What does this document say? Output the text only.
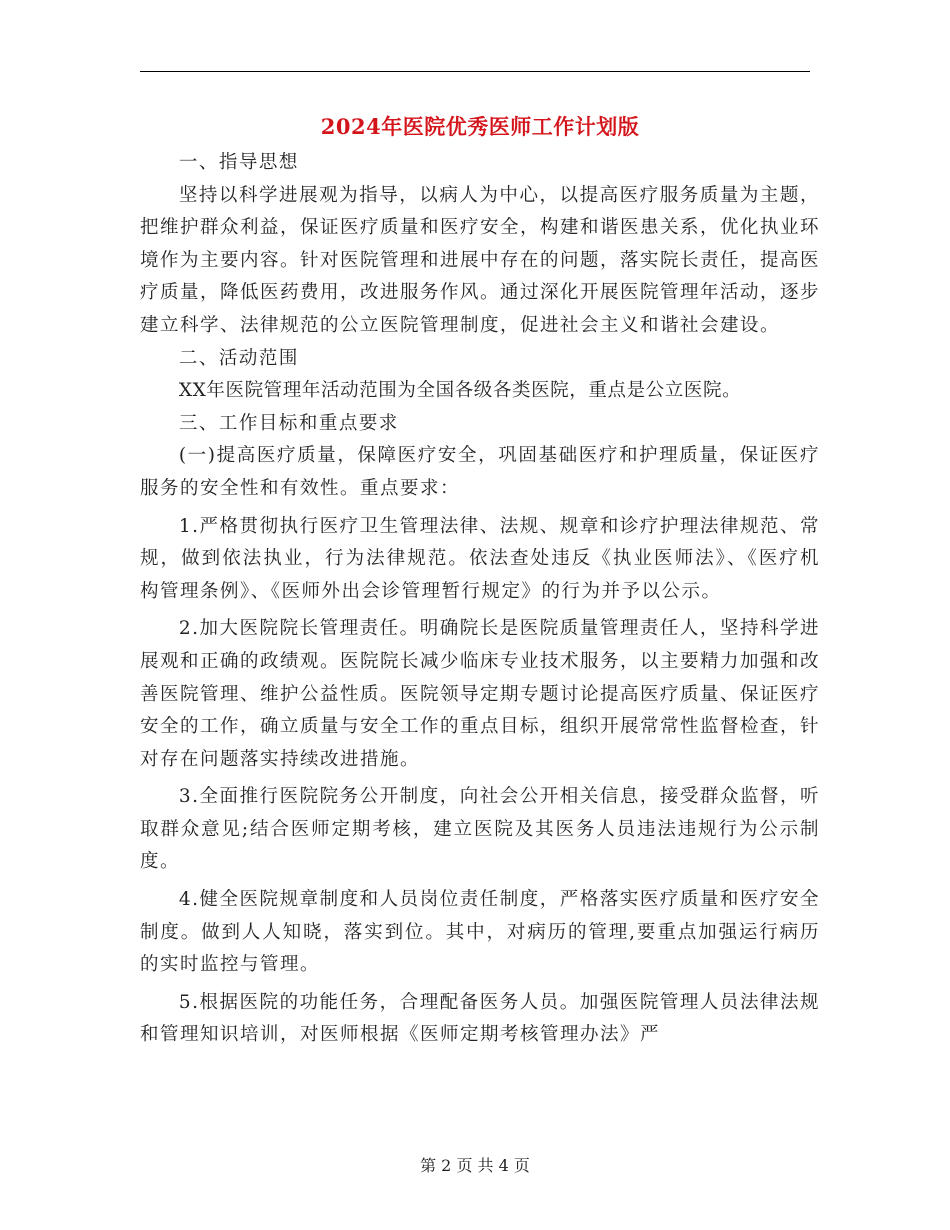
2024年医院优秀医师工作计划版

一、指导思想

坚持以科学进展观为指导，以病人为中心，以提高医疗服务质量为主题，把维护群众利益，保证医疗质量和医疗安全，构建和谐医患关系，优化执业环境作为主要内容。针对医院管理和进展中存在的问题，落实院长责任，提高医疗质量，降低医药费用，改进服务作风。通过深化开展医院管理年活动，逐步建立科学、法律规范的公立医院管理制度，促进社会主义和谐社会建设。

二、活动范围

XX年医院管理年活动范围为全国各级各类医院，重点是公立医院。

三、工作目标和重点要求

(一)提高医疗质量，保障医疗安全，巩固基础医疗和护理质量，保证医疗服务的安全性和有效性。重点要求：

1.严格贯彻执行医疗卫生管理法律、法规、规章和诊疗护理法律规范、常规，做到依法执业，行为法律规范。依法查处违反《执业医师法》、《医疗机构管理条例》、《医师外出会诊管理暂行规定》的行为并予以公示。

2.加大医院院长管理责任。明确院长是医院质量管理责任人，坚持科学进展观和正确的政绩观。医院院长减少临床专业技术服务，以主要精力加强和改善医院管理、维护公益性质。医院领导定期专题讨论提高医疗质量、保证医疗安全的工作，确立质量与安全工作的重点目标，组织开展常常性监督检查，针对存在问题落实持续改进措施。

3.全面推行医院院务公开制度，向社会公开相关信息，接受群众监督，听取群众意见;结合医师定期考核，建立医院及其医务人员违法违规行为公示制度。

4.健全医院规章制度和人员岗位责任制度，严格落实医疗质量和医疗安全制度。做到人人知晓，落实到位。其中，对病历的管理,要重点加强运行病历的实时监控与管理。

5.根据医院的功能任务，合理配备医务人员。加强医院管理人员法律法规和管理知识培训，对医师根据《医师定期考核管理办法》严

第 2 页 共 4 页
